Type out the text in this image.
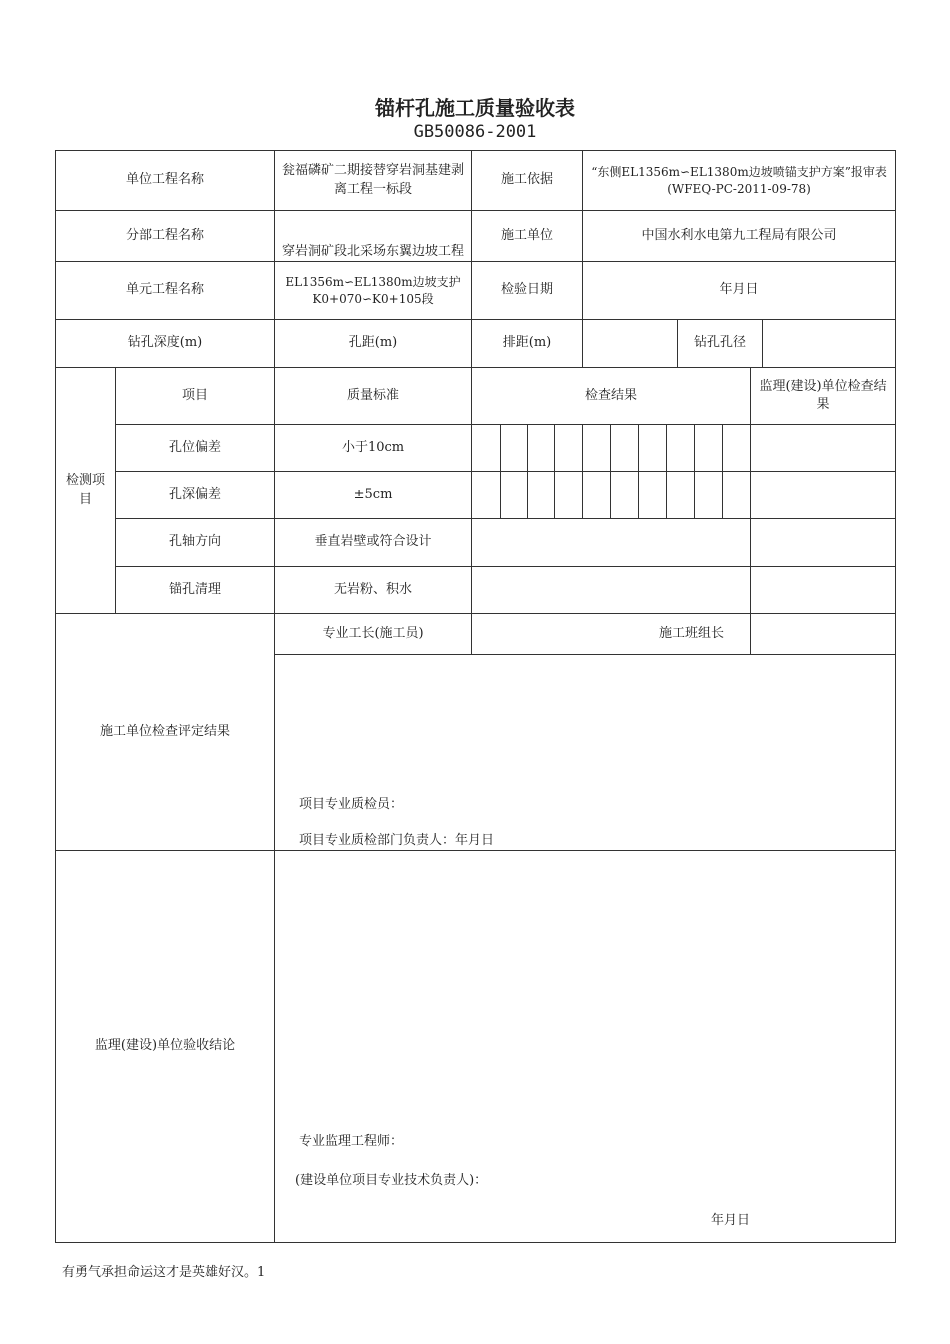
锚杆孔施工质量验收表
GB50086-2001
单位工程名称		瓮福磷矿二期接替穿岩洞基建剥离工程一标段	施工依据				“东侧EL1356m∽EL1380m边坡喷锚支护方案”报审表
(WFEQ-PC-2011-09-78)						

分部工程名称		穿岩洞矿段北采场东翼边坡工程	施工单位				中国水利水电第九工程局有限公司						
单元工程名称		EL1356m∽EL1380m边坡支护
K0+070∽K0+105段	检验日期				年月日						
钻孔深度(m)		孔距(m)	排距(m)				钻孔孔径						

检测项目	项目	质量标准	检查结果										监理(建设)单位检查结果
	孔位偏差	小于10cm											
	孔深偏差	±5cm											
	孔轴方向	垂直岩壁或符合设计											
	锚孔清理	无岩粉、积水											
施工单位检查评定结果		专业工长(施工员)	施工班组长										

		项目专业质检员：
项目专业质检部门负责人：年月日											

监理(建设)单位验收结论		专业监理工程师：
(建设单位项目专业技术负责人)：
年月日											
有勇气承担命运这才是英雄好汉。1
